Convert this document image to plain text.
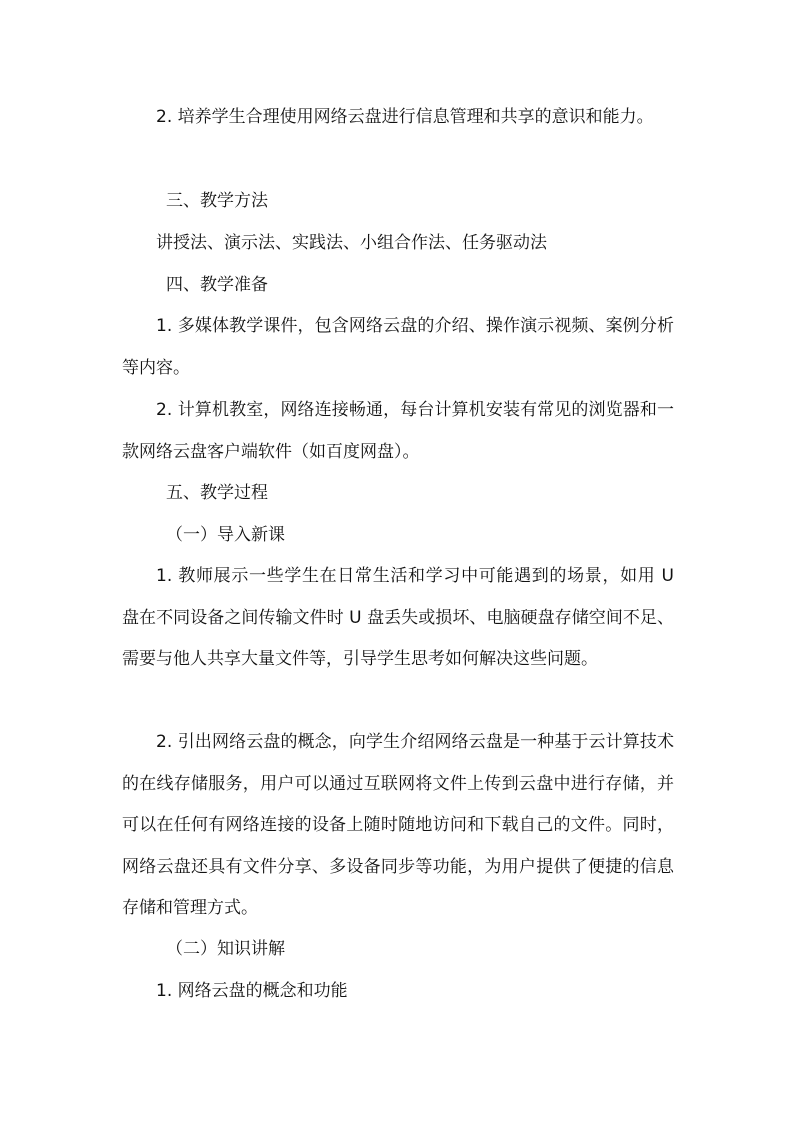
2. 培养学生合理使用网络云盘进行信息管理和共享的意识和能力。

三、教学方法

讲授法、演示法、实践法、小组合作法、任务驱动法

四、教学准备

1. 多媒体教学课件，包含网络云盘的介绍、操作演示视频、案例分析等内容。

2. 计算机教室，网络连接畅通，每台计算机安装有常见的浏览器和一款网络云盘客户端软件（如百度网盘）。

五、教学过程

（一）导入新课

1. 教师展示一些学生在日常生活和学习中可能遇到的场景，如用 U 盘在不同设备之间传输文件时 U 盘丢失或损坏、电脑硬盘存储空间不足、需要与他人共享大量文件等，引导学生思考如何解决这些问题。

2. 引出网络云盘的概念，向学生介绍网络云盘是一种基于云计算技术的在线存储服务，用户可以通过互联网将文件上传到云盘中进行存储，并可以在任何有网络连接的设备上随时随地访问和下载自己的文件。同时，网络云盘还具有文件分享、多设备同步等功能，为用户提供了便捷的信息存储和管理方式。

（二）知识讲解

1. 网络云盘的概念和功能
